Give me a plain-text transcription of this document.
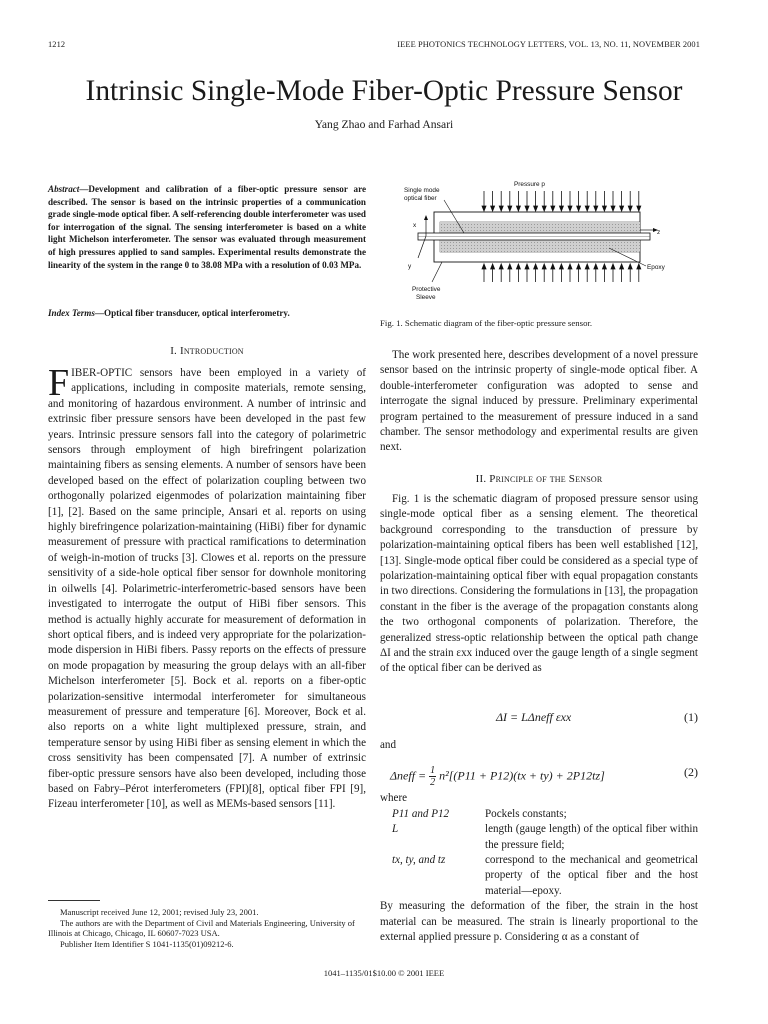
1212	IEEE PHOTONICS TECHNOLOGY LETTERS, VOL. 13, NO. 11, NOVEMBER 2001
Intrinsic Single-Mode Fiber-Optic Pressure Sensor
Yang Zhao and Farhad Ansari
Abstract—Development and calibration of a fiber-optic pressure sensor are described. The sensor is based on the intrinsic properties of a communication grade single-mode optical fiber. A self-referencing double interferometer was used for interrogation of the signal. The sensing interferometer is based on a white light Michelson interferometer. The sensor was evaluated through measurement of high pressures applied to sand samples. Experimental results demonstrate the linearity of the system in the range 0 to 38.08 MPa with a resolution of 0.03 MPa.
Index Terms—Optical fiber transducer, optical interferometry.
I. Introduction

FIBER-OPTIC sensors have been employed in a variety of applications, including in composite materials, remote sensing, and monitoring of hazardous environment. A number of intrinsic and extrinsic fiber pressure sensors have been developed in the past few years. Intrinsic pressure sensors fall into the category of polarimetric sensors through employment of high birefringent polarization maintaining fibers as sensing elements. A number of sensors have been developed based on the effect of polarization coupling between two orthogonally polarized eigenmodes of polarization maintaining fiber [1], [2]. Based on the same principle, Ansari et al. reports on using highly birefringence polarization-maintaining (HiBi) fiber for dynamic measurement of pressure with practical ramifications to determination of weigh-in-motion of trucks [3]. Clowes et al. reports on the pressure sensitivity of a side-hole optical fiber sensor for downhole monitoring in oilwells [4]. Polarimetric-interferometric-based sensors have been investigated to interrogate the output of HiBi fiber sensors. This method is actually highly accurate for measurement of deformation in short optical fibers, and is indeed very appropriate for the polarization-mode dispersion in HiBi fibers. Passy reports on the effects of pressure on mode propagation by measuring the group delays with an all-fiber Michelson interferometer [5]. Bock et al. reports on a fiber-optic polarization-sensitive intermodal interferometer for simultaneous measurement of pressure and temperature [6]. Moreover, Bock et al. also reports on a white light multiplexed pressure, strain, and temperature sensor by using HiBi fiber as sensing element in which the cross sensitivity has been compensated [7]. A number of extrinsic fiber-optic pressure sensors have also been developed, including those based on Fabry–Pérot interferometers (FPI)[8], optical fiber FPI [9], Fizeau interferometer [10], as well as MEMs-based sensors [11].

Manuscript received June 12, 2001; revised July 23, 2001.

The authors are with the Department of Civil and Materials Engineering, University of Illinois at Chicago, Chicago, IL 60607-7023 USA.

Publisher Item Identifier S 1041-1135(01)09212-6.

Single mode
optical fiber
Pressure p
x
y
z
Epoxy
Protective
Sleeve
Fig. 1. Schematic diagram of the fiber-optic pressure sensor.

The work presented here, describes development of a novel pressure sensor based on the intrinsic property of single-mode optical fiber. A double-interferometer configuration was adopted to sense and interrogate the signal induced by pressure. Preliminary experimental program pertained to the measurement of pressure induced in a sand chamber. The sensor methodology and experimental results are given next.

II. Principle of the Sensor

Fig. 1 is the schematic diagram of proposed pressure sensor using single-mode optical fiber as a sensing element. The theoretical background corresponding to the transduction of pressure by polarization-maintaining optical fibers has been well established [12], [13]. Single-mode optical fiber could be considered as a special type of polarization-maintaining optical fiber with equal propagation constants in two directions. Considering the formulations in [13], the propagation constant in the fiber is the average of the propagation constants along the two orthogonal components of polarization. Therefore, the generalized stress-optic relationship between the optical path change ΔI and the strain εxx induced over the gauge length of a single segment of the optical fiber can be derived as

ΔI = LΔneff εxx	(1)
and
Δneff = $\frac{1}{2} n^2[(P11 + P12)(tx + ty) + 2P12tz]$	(2)
where
P11 and P12	Pockels constants;
L	length (gauge length) of the optical fiber within the pressure field;
tx, ty, and tz	correspond to the mechanical and geometrical property of the optical fiber and the host material—epoxy.

By measuring the deformation of the fiber, the strain in the host material can be measured. The strain is linearly proportional to the external applied pressure p. Considering α as a constant of

1041–1135/01$10.00 © 2001 IEEE
